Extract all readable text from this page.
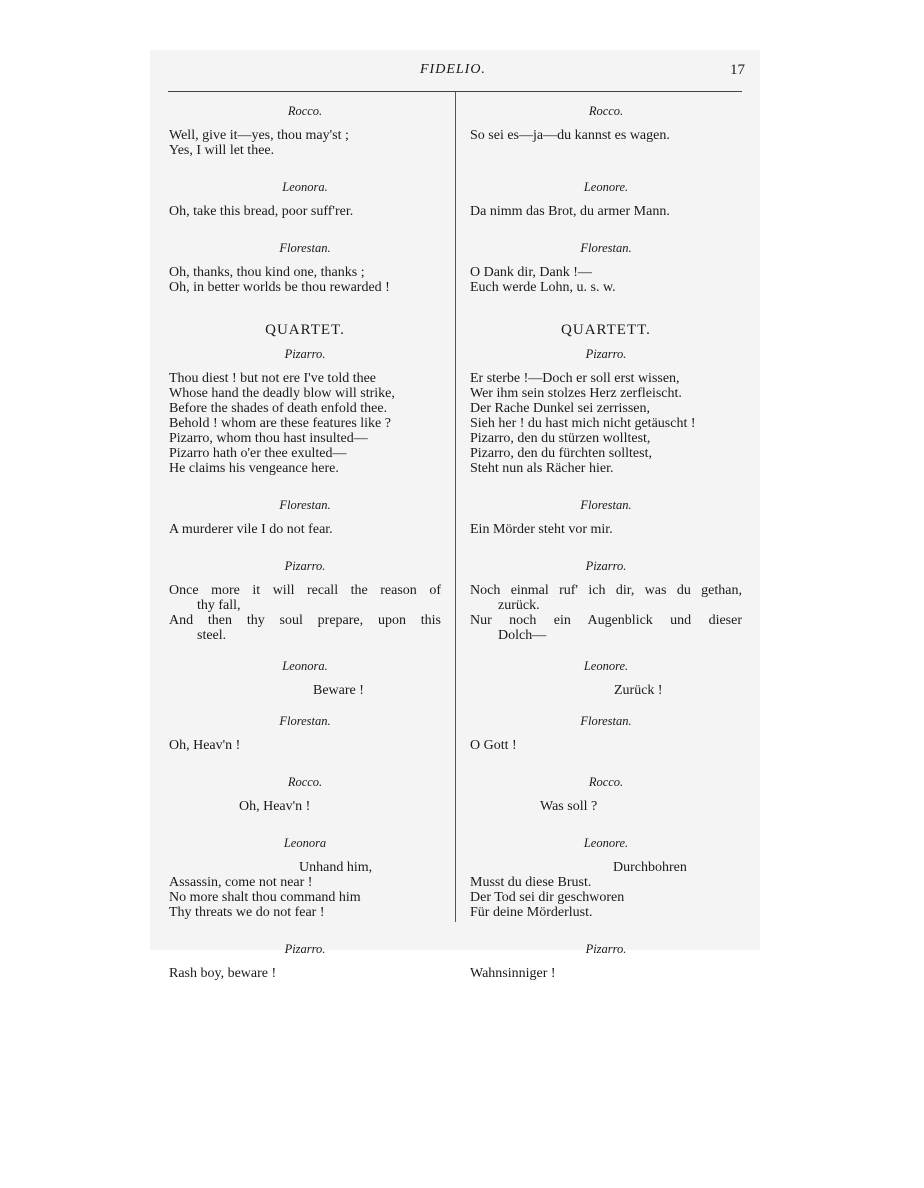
FIDELIO.	17

Rocco.

Well, give it—yes, thou may'st ;
Yes, I will let thee.

Leonora.

Oh, take this bread, poor suff'rer.

Florestan.

Oh, thanks, thou kind one, thanks ;
Oh, in better worlds be thou rewarded !

QUARTET.

Pizarro.

Thou diest ! but not ere I've told thee
Whose hand the deadly blow will strike,
Before the shades of death enfold thee.
Behold ! whom are these features like ?
Pizarro, whom thou hast insulted—
Pizarro hath o'er thee exulted—
He claims his vengeance here.

Florestan.

A murderer vile I do not fear.

Pizarro.

Once more it will recall the reason of
thy fall,
And then thy soul prepare, upon this
steel.

Leonora.

Beware !

Florestan.

Oh, Heav'n !

Rocco.

Oh, Heav'n !

Leonora

Unhand him,
Assassin, come not near !
No more shalt thou command him
Thy threats we do not fear !

Pizarro.

Rash boy, beware !

Rocco.

So sei es—ja—du kannst es wagen.

Leonore.

Da nimm das Brot, du armer Mann.

Florestan.

O Dank dir, Dank !—
Euch werde Lohn, u. s. w.

QUARTETT.

Pizarro.

Er sterbe !—Doch er soll erst wissen,
Wer ihm sein stolzes Herz zerfleischt.
Der Rache Dunkel sei zerrissen,
Sieh her ! du hast mich nicht getäuscht !
Pizarro, den du stürzen wolltest,
Pizarro, den du fürchten solltest,
Steht nun als Rächer hier.

Florestan.

Ein Mörder steht vor mir.

Pizarro.

Noch einmal ruf' ich dir, was du gethan,
zurück.
Nur noch ein Augenblick und dieser
Dolch—

Leonore.

Zurück !

Florestan.

O Gott !

Rocco.

Was soll ?

Leonore.

Durchbohren
Musst du diese Brust.
Der Tod sei dir geschworen
Für deine Mörderlust.

Pizarro.

Wahnsinniger !
